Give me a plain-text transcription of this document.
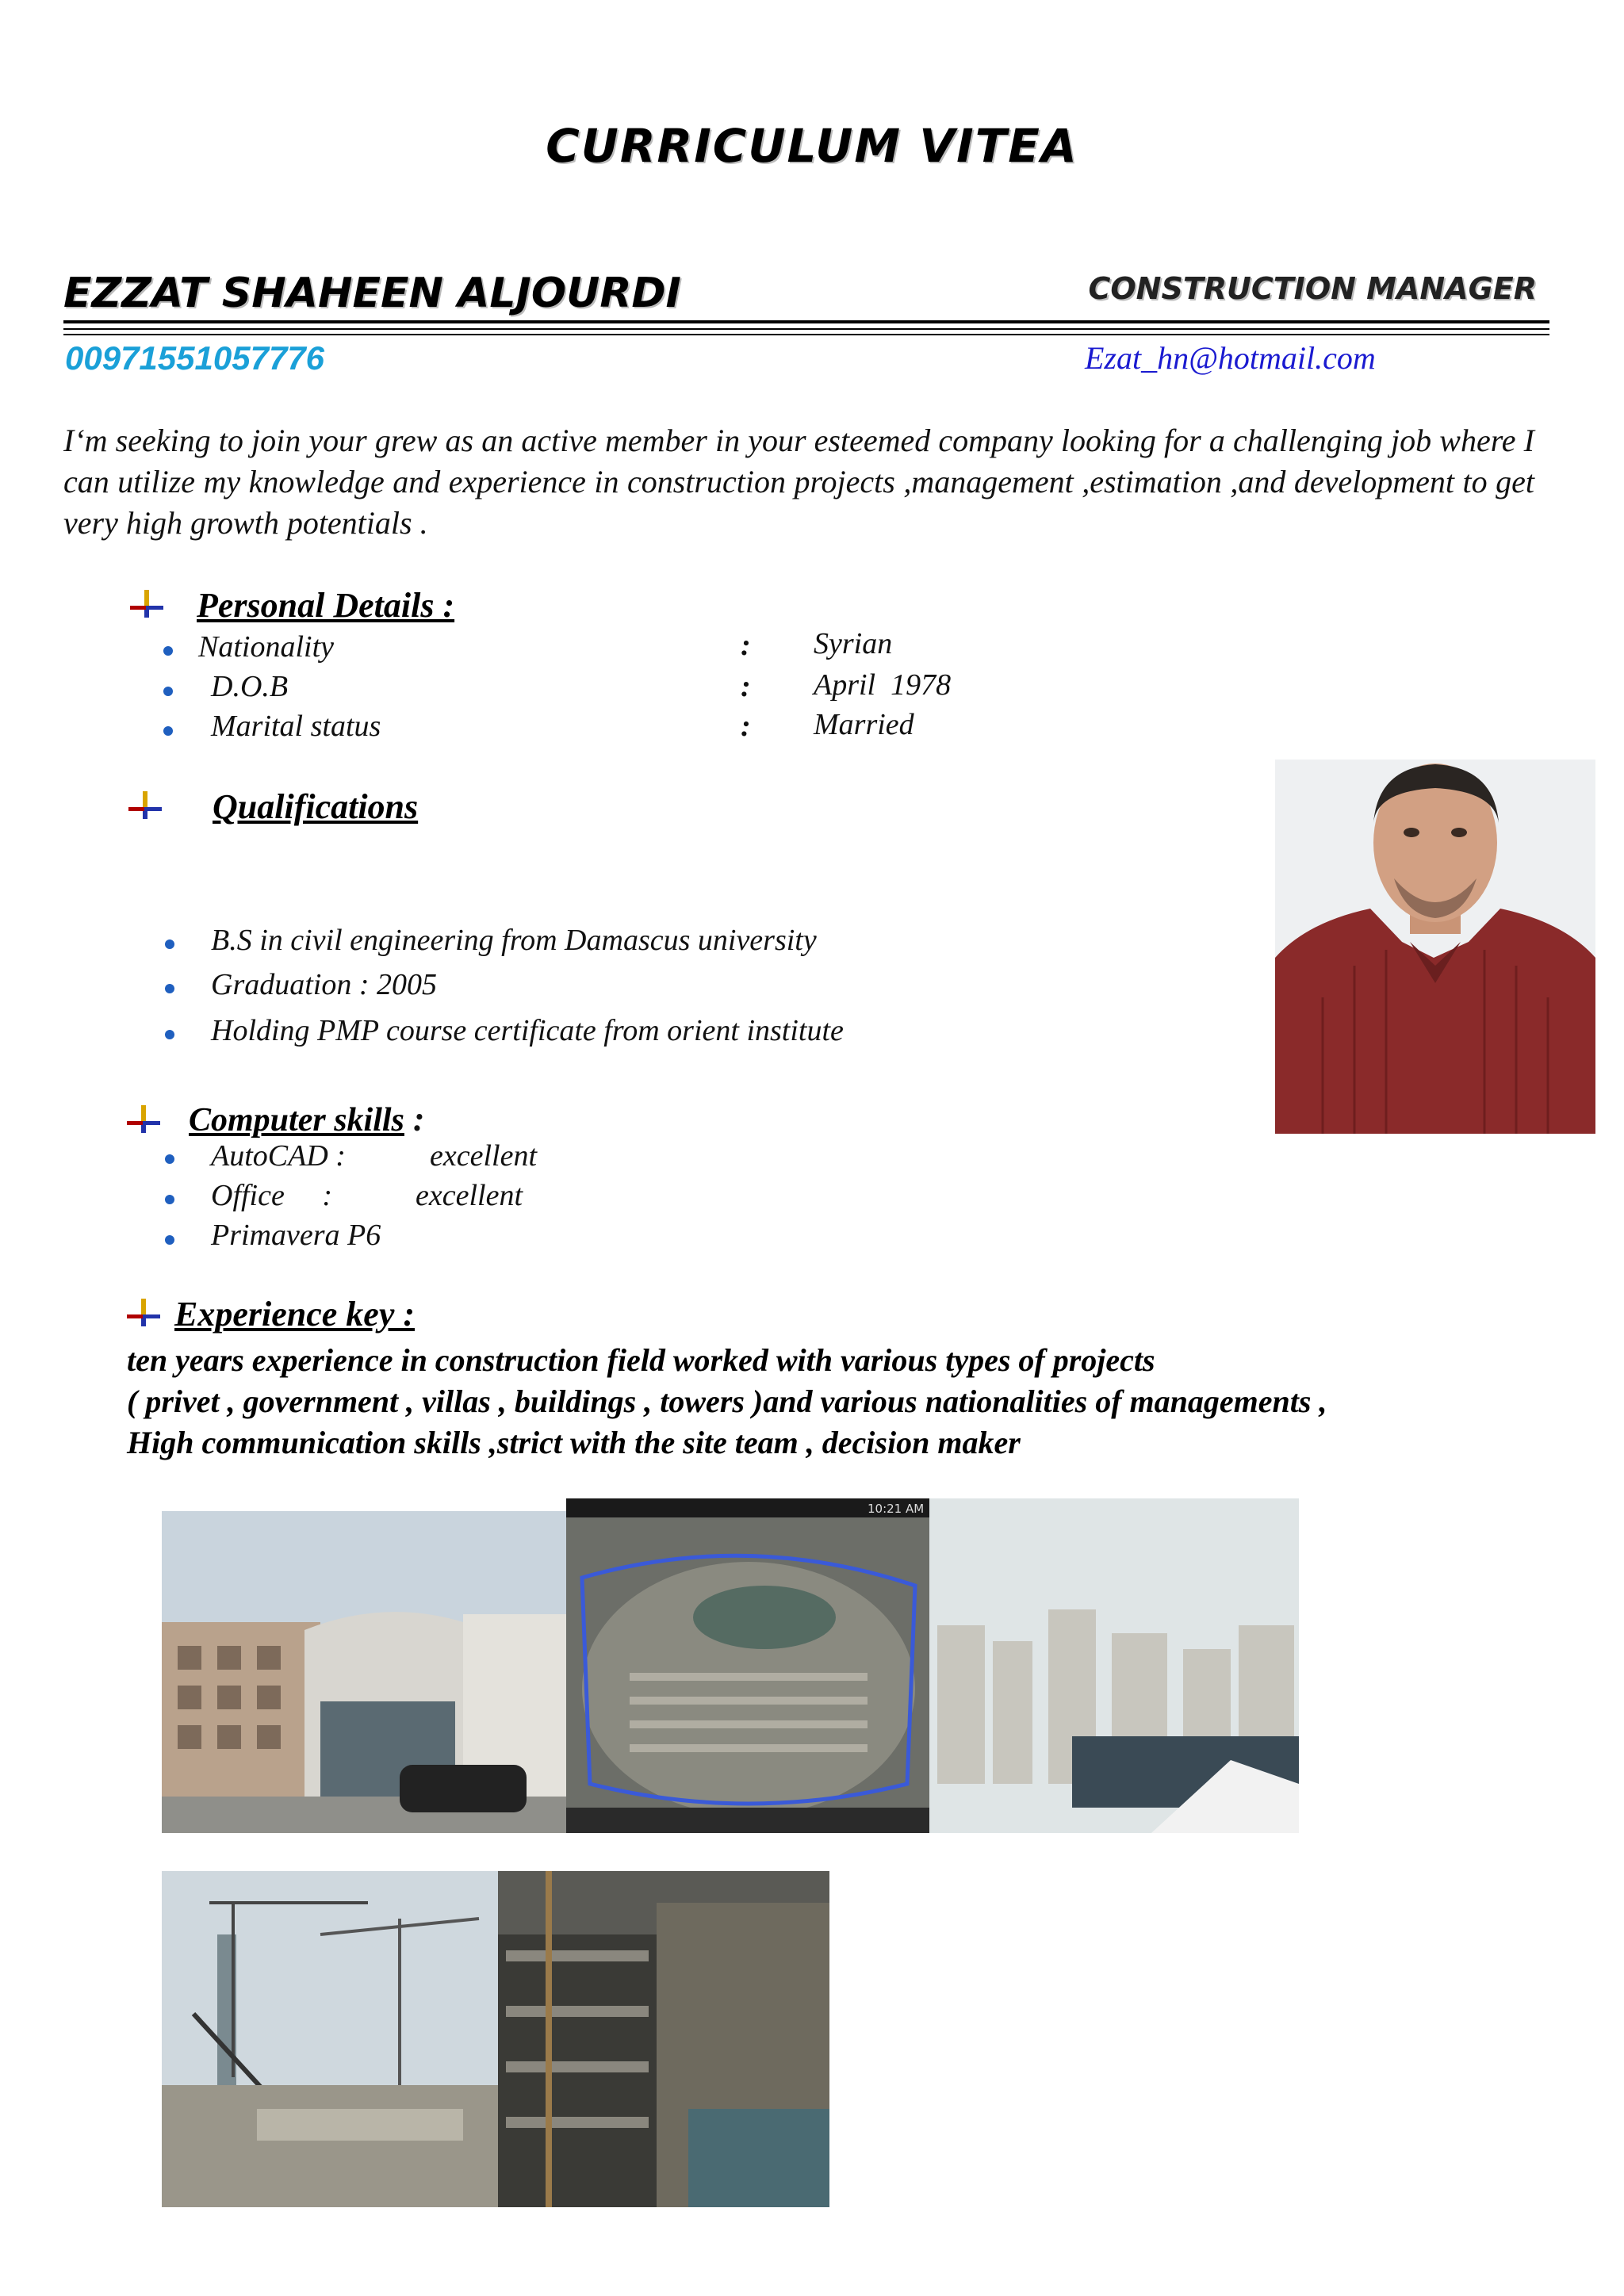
CURRICULUM VITEA
EZZAT SHAHEEN ALJOURDI	CONSTRUCTION MANAGER
00971551057776	Ezat_hn@hotmail.com
I‘m seeking to join your grew as an active member in your esteemed company looking for a challenging job where I can utilize my knowledge and experience in construction projects ,management ,estimation ,and development to get very high growth potentials .
Personal Details :
Nationality	: Syrian
D.O.B	: April  1978
Marital status	: Married
Qualifications
B.S in civil engineering from Damascus university
Graduation : 2005
Holding PMP course certificate from orient institute
Computer skills :
AutoCAD :	excellent
Office     :	excellent
Primavera P6
Experience key :
ten years experience in construction field worked with various types of projects
( privet , government , villas , buildings , towers )and various nationalities of managements ,
High communication skills ,strict with the site team , decision maker
10:21 AM
